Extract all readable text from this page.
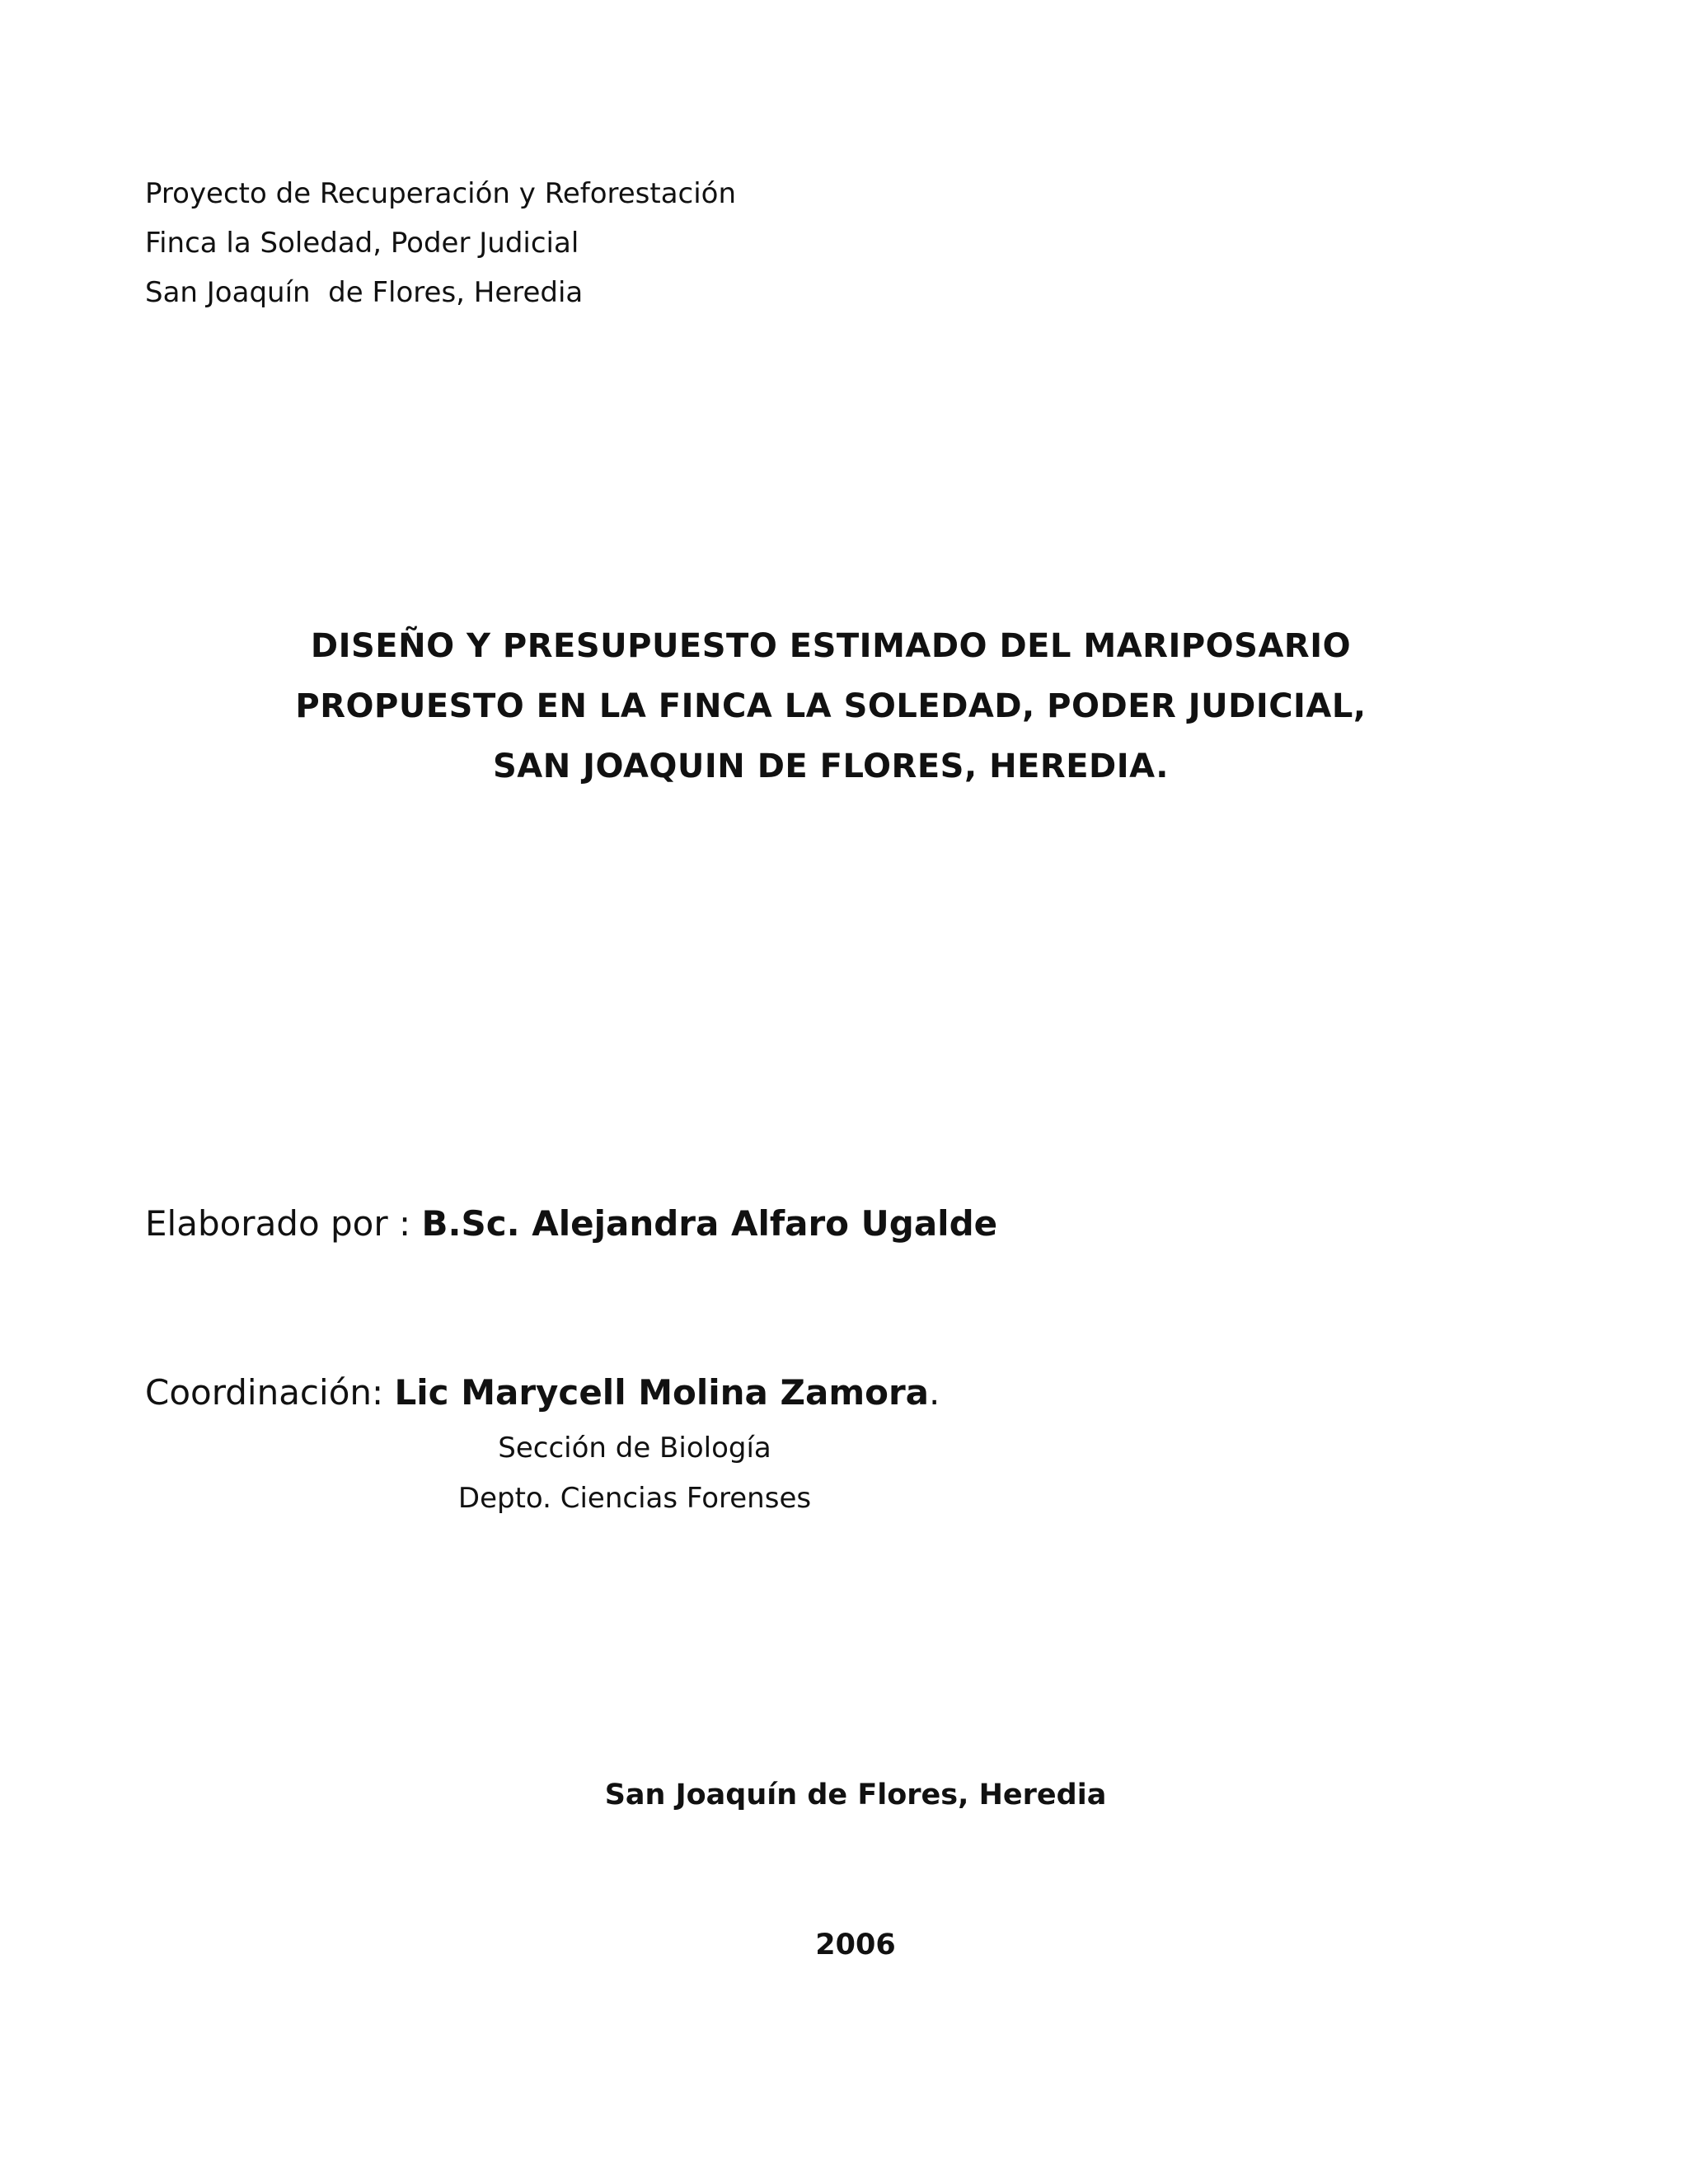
Proyecto de Recuperación y Reforestación
Finca la Soledad, Poder Judicial
San Joaquín  de Flores, Heredia
DISEÑO Y PRESUPUESTO ESTIMADO DEL MARIPOSARIO
PROPUESTO EN LA FINCA LA SOLEDAD, PODER JUDICIAL,
SAN JOAQUIN DE FLORES, HEREDIA.
Elaborado por : B.Sc. Alejandra Alfaro Ugalde
Coordinación: Lic Marycell Molina Zamora.
Sección de Biología
Depto. Ciencias Forenses
San Joaquín de Flores, Heredia
2006
